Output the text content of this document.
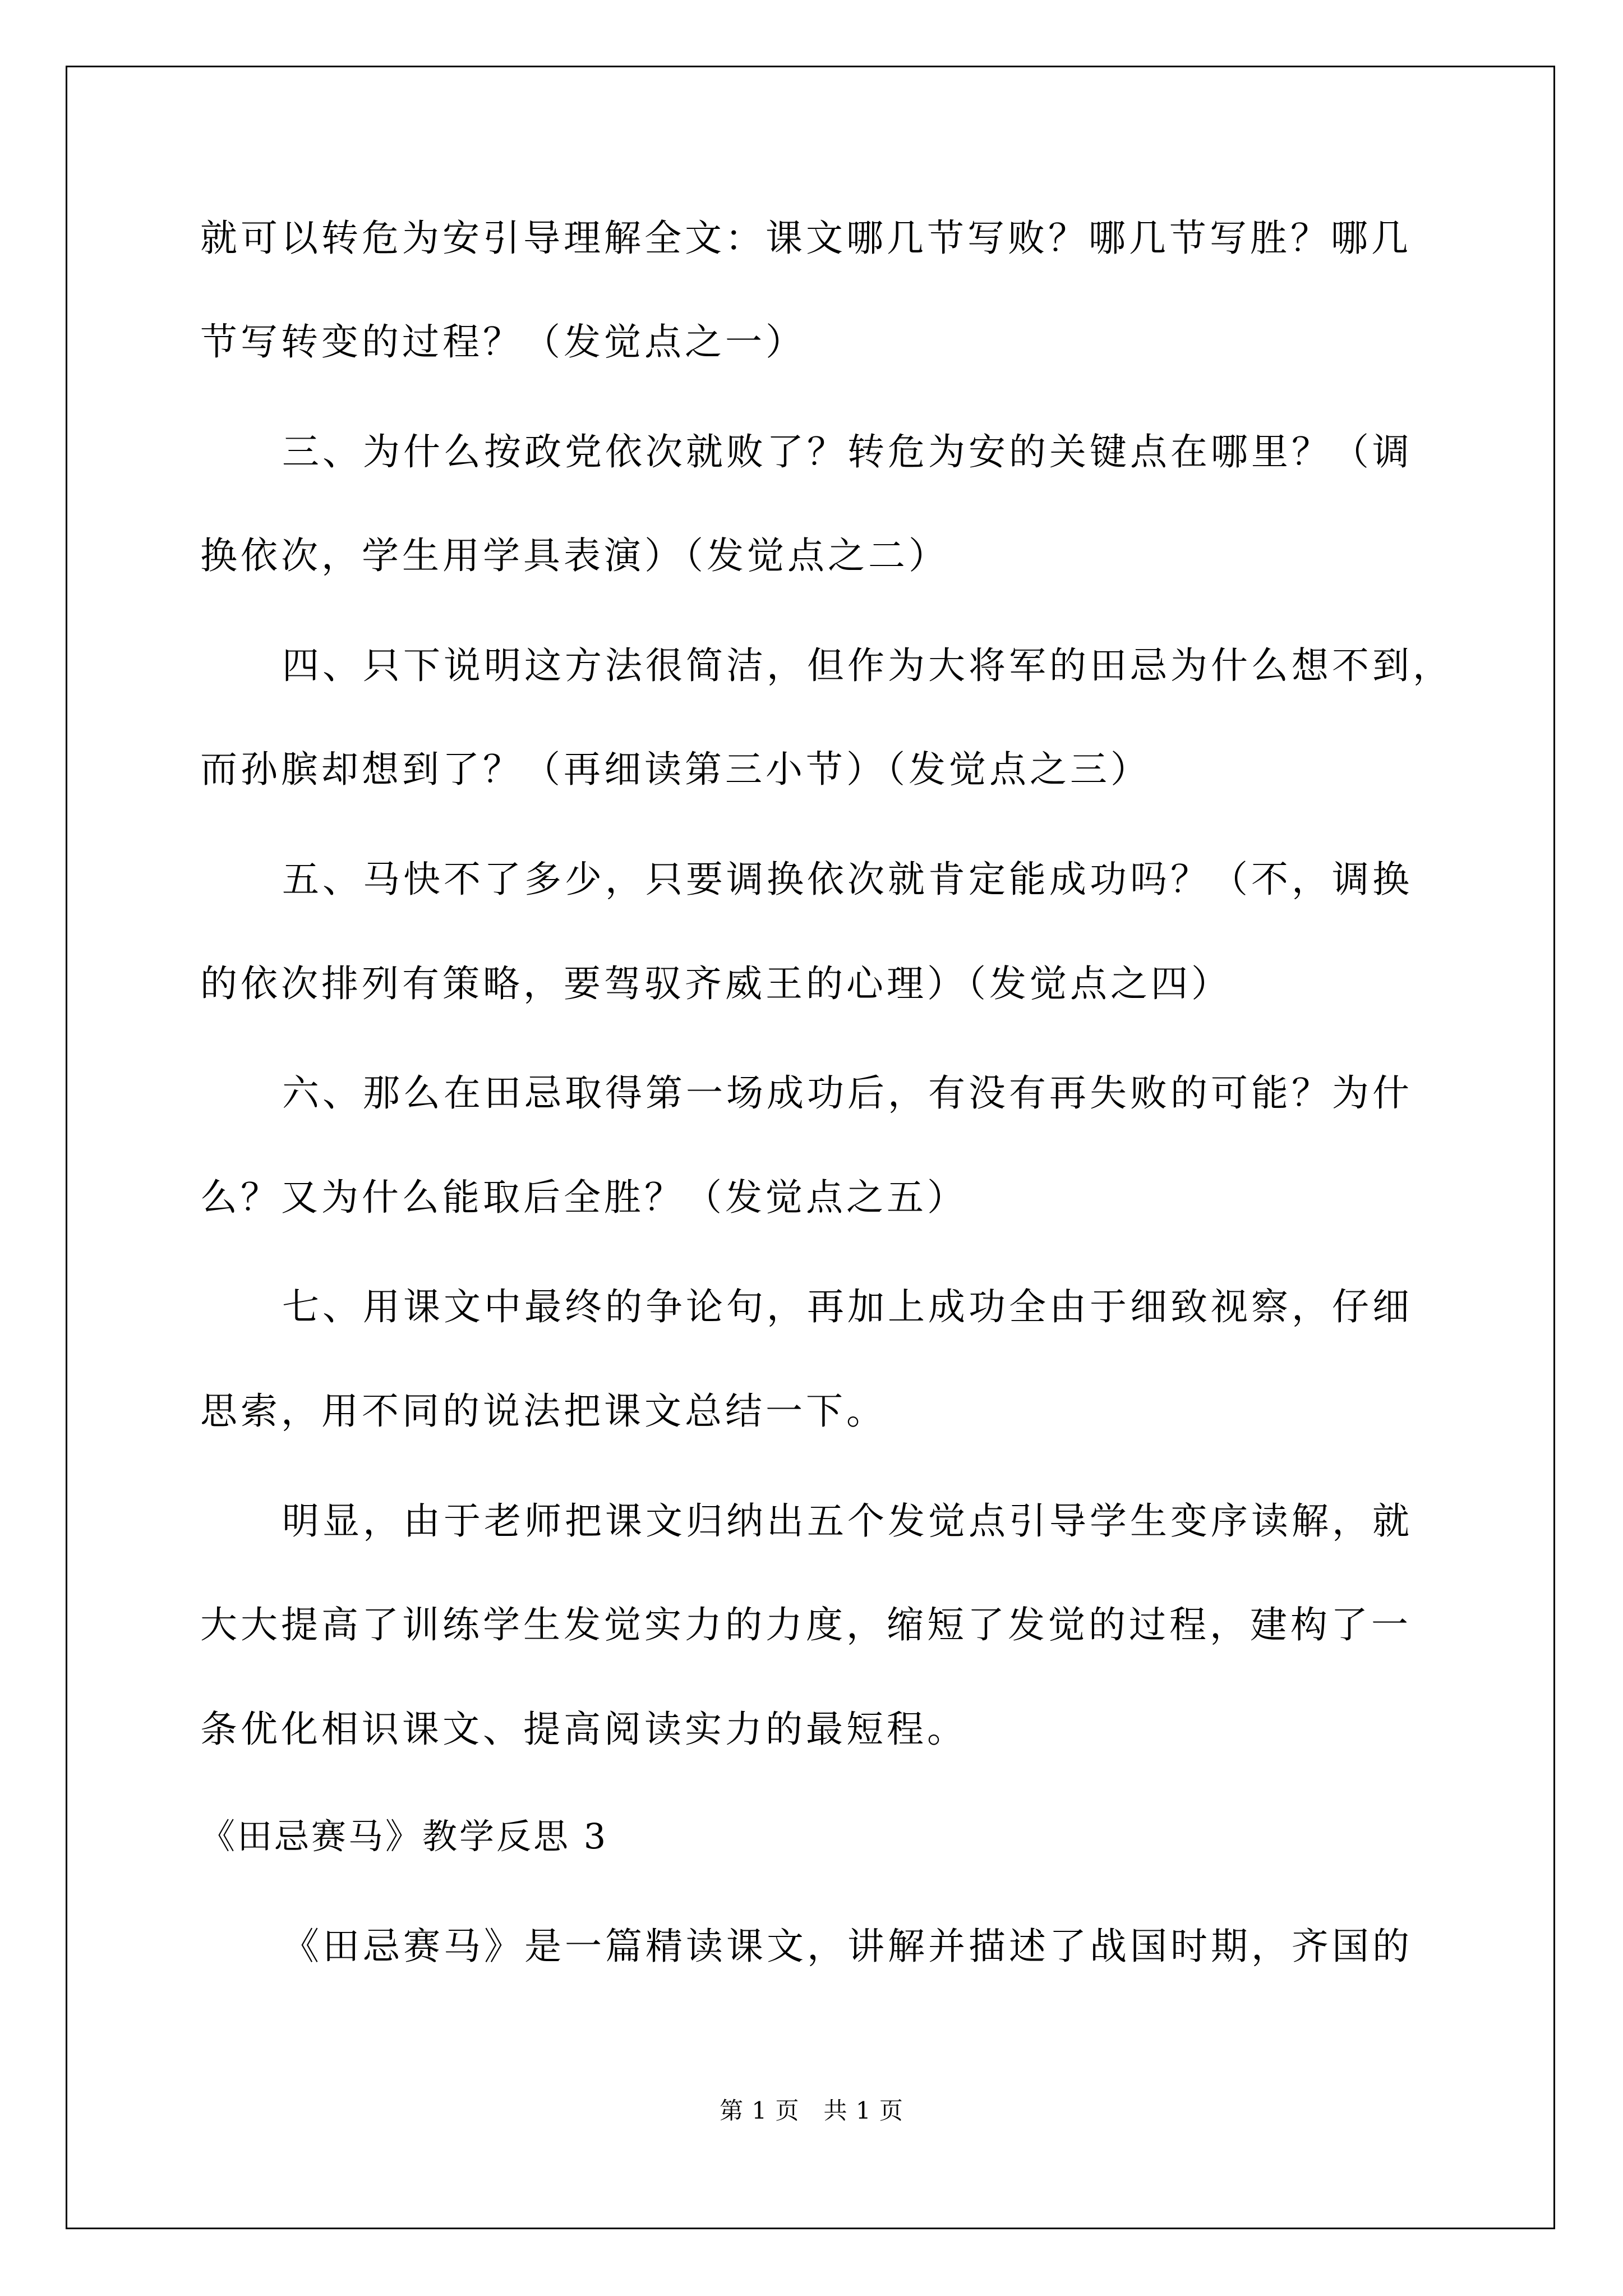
就可以转危为安引导理解全文：课文哪几节写败？哪几节写胜？哪几
节写转变的过程？（发觉点之一）
三、为什么按政党依次就败了？转危为安的关键点在哪里？（调
换依次，学生用学具表演）（发觉点之二）
四、只下说明这方法很简洁，但作为大将军的田忌为什么想不到，
而孙膑却想到了？（再细读第三小节）（发觉点之三）
五、马快不了多少，只要调换依次就肯定能成功吗？（不，调换
的依次排列有策略，要驾驭齐威王的心理）（发觉点之四）
六、那么在田忌取得第一场成功后，有没有再失败的可能？为什
么？又为什么能取后全胜？（发觉点之五）
七、用课文中最终的争论句，再加上成功全由于细致视察，仔细
思索，用不同的说法把课文总结一下。
明显，由于老师把课文归纳出五个发觉点引导学生变序读解，就
大大提高了训练学生发觉实力的力度，缩短了发觉的过程，建构了一
条优化相识课文、提高阅读实力的最短程。
《田忌赛马》教学反思 3
《田忌赛马》是一篇精读课文，讲解并描述了战国时期，齐国的
第 1 页　共 1 页
